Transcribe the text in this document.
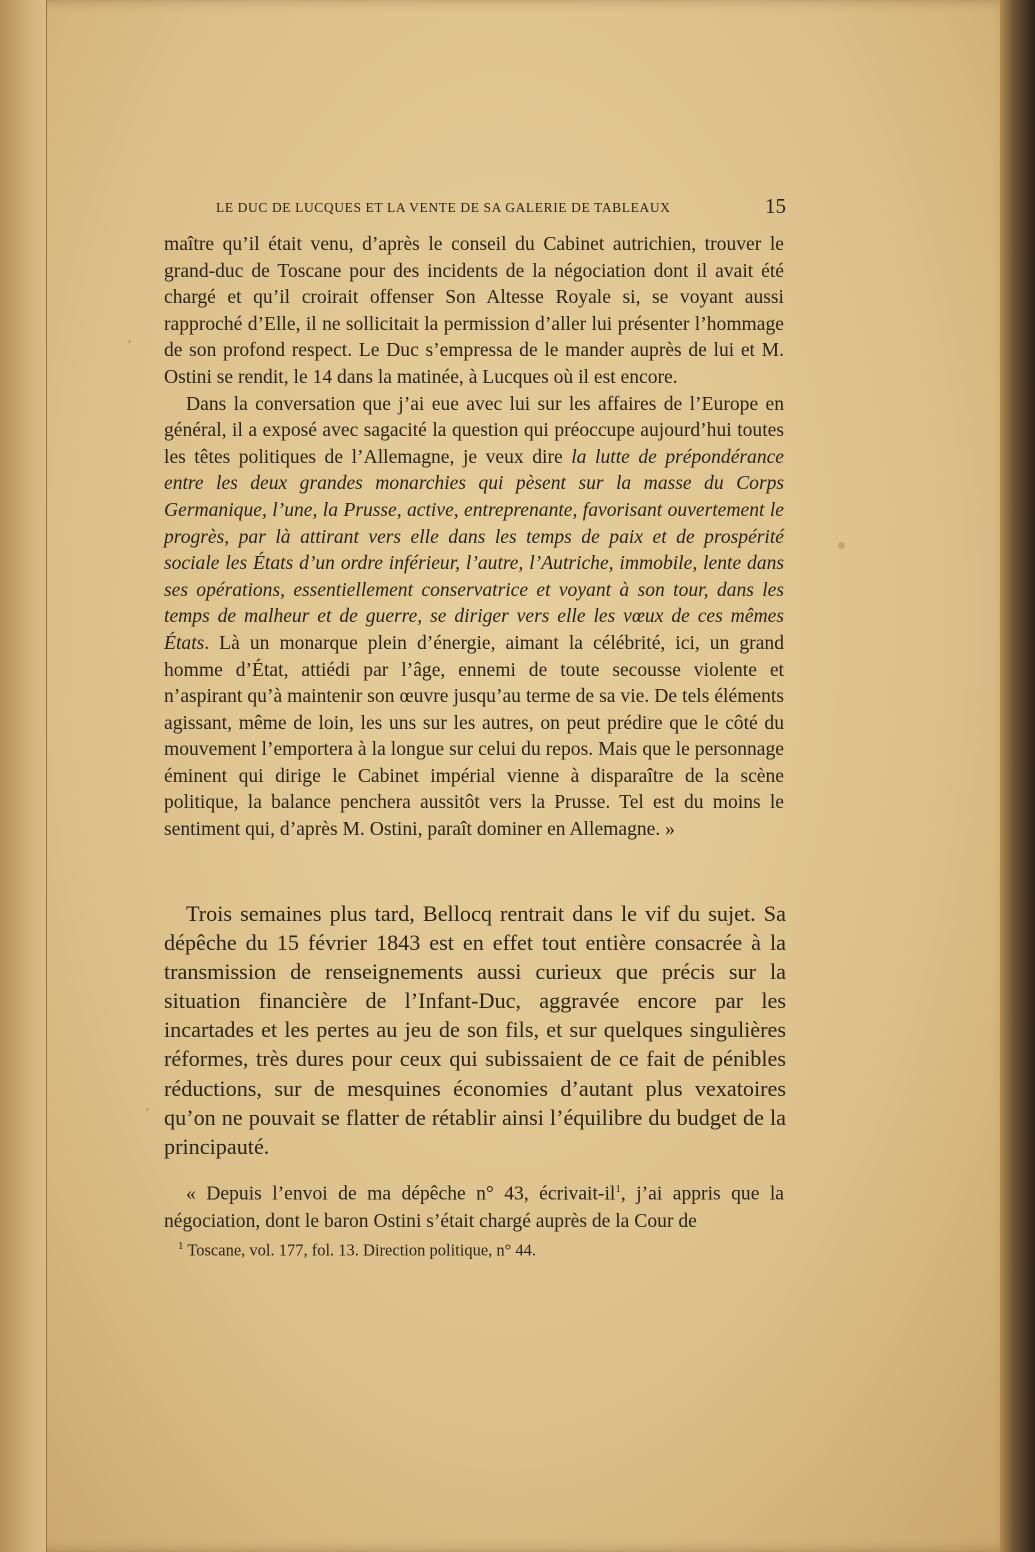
LE DUC DE LUCQUES ET LA VENTE DE SA GALERIE DE TABLEAUX	15

maître qu’il était venu, d’après le conseil du Cabinet autrichien, trouver le grand-duc de Toscane pour des incidents de la négociation dont il avait été chargé et qu’il croirait offenser Son Altesse Royale si, se voyant aussi rapproché d’Elle, il ne sollicitait la permission d’aller lui présenter l’hommage de son profond respect. Le Duc s’empressa de le mander auprès de lui et M. Ostini se rendit, le 14 dans la matinée, à Lucques où il est encore.

Dans la conversation que j’ai eue avec lui sur les affaires de l’Europe en général, il a exposé avec sagacité la question qui préoccupe aujourd’hui toutes les têtes politiques de l’Allemagne, je veux dire la lutte de prépondérance entre les deux grandes monarchies qui pèsent sur la masse du Corps Germanique, l’une, la Prusse, active, entreprenante, favorisant ouvertement le progrès, par là attirant vers elle dans les temps de paix et de prospérité sociale les États d’un ordre inférieur, l’autre, l’Autriche, immobile, lente dans ses opérations, essentiellement conservatrice et voyant à son tour, dans les temps de malheur et de guerre, se diriger vers elle les vœux de ces mêmes États. Là un monarque plein d’énergie, aimant la célébrité, ici, un grand homme d’État, attiédi par l’âge, ennemi de toute secousse violente et n’aspirant qu’à maintenir son œuvre jusqu’au terme de sa vie. De tels éléments agissant, même de loin, les uns sur les autres, on peut prédire que le côté du mouvement l’emportera à la longue sur celui du repos. Mais que le personnage éminent qui dirige le Cabinet impérial vienne à disparaître de la scène politique, la balance penchera aussitôt vers la Prusse. Tel est du moins le sentiment qui, d’après M. Ostini, paraît dominer en Allemagne. »

Trois semaines plus tard, Bellocq rentrait dans le vif du sujet. Sa dépêche du 15 février 1843 est en effet tout entière consacrée à la transmission de renseignements aussi curieux que précis sur la situation financière de l’Infant-Duc, aggravée encore par les incartades et les pertes au jeu de son fils, et sur quelques singulières réformes, très dures pour ceux qui subissaient de ce fait de pénibles réductions, sur de mesquines économies d’autant plus vexatoires qu’on ne pouvait se flatter de rétablir ainsi l’équilibre du budget de la principauté.

« Depuis l’envoi de ma dépêche n° 43, écrivait-$il^1$, j’ai appris que la négociation, dont le baron Ostini s’était chargé auprès de la Cour de

$^1$ Toscane, vol. 177, fol. 13. Direction politique, n° 44.
